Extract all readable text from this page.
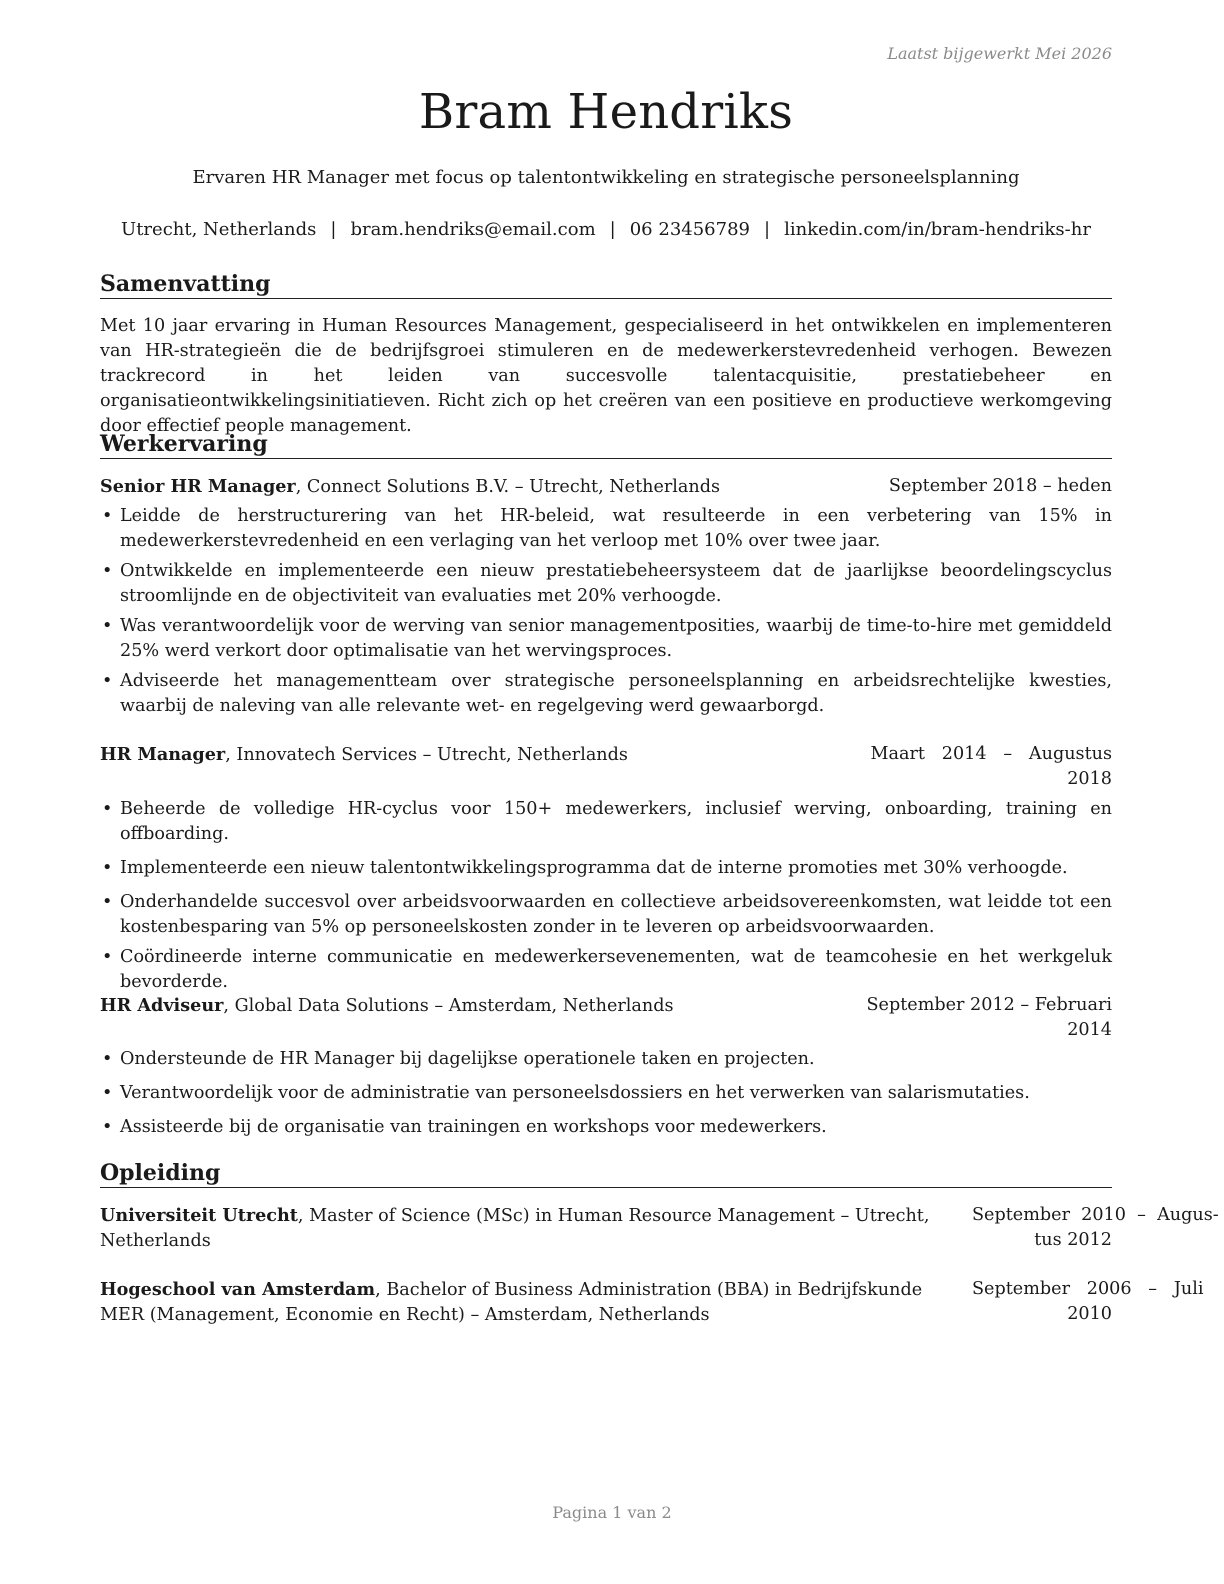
Laatst bijgewerkt Mei 2026
Bram Hendriks
Ervaren HR Manager met focus op talentontwikkeling en strategische personeelsplanning
Utrecht, Netherlands | bram.hendriks@email.com | 06 23456789 | linkedin.com/in/bram-hendriks-hr
Samenvatting

Met 10 jaar ervaring in Human Resources Management, gespecialiseerd in het ontwikkelen en implementeren van HR-strategieën die de bedrijfsgroei stimuleren en de medewerkerstevredenheid verhogen. Bewezen trackrecord in het leiden van succesvolle talentacquisitie, prestatiebeheer en organisatieontwikkelingsinitiatieven. Richt zich op het creëren van een positieve en productieve werkomgeving door effectief people management.

Werkervaring
Senior HR Manager, Connect Solutions B.V. – Utrecht, Netherlands	September 2018 – heden
• Leidde de herstructurering van het HR-beleid, wat resulteerde in een verbetering van 15% in medewerkerstevredenheid en een verlaging van het verloop met 10% over twee jaar.
• Ontwikkelde en implementeerde een nieuw prestatiebeheersysteem dat de jaarlijkse beoordelingscyclus stroomlijnde en de objectiviteit van evaluaties met 20% verhoogde.
• Was verantwoordelijk voor de werving van senior managementposities, waarbij de time-to-hire met gemiddeld 25% werd verkort door optimalisatie van het wervingsproces.
• Adviseerde het managementteam over strategische personeelsplanning en arbeidsrechtelijke kwesties, waarbij de naleving van alle relevante wet- en regelgeving werd gewaarborgd.
HR Manager, Innovatech Services – Utrecht, Netherlands	Maart   2014   –   Augustus
2018
• Beheerde de volledige HR-cyclus voor 150+ medewerkers, inclusief werving, onboarding, training en offboarding.
• Implementeerde een nieuw talentontwikkelingsprogramma dat de interne promoties met 30% verhoogde.
• Onderhandelde succesvol over arbeidsvoorwaarden en collectieve arbeidsovereenkomsten, wat leidde tot een kostenbesparing van 5% op personeelskosten zonder in te leveren op arbeidsvoorwaarden.
• Coördineerde interne communicatie en medewerkersevenementen, wat de teamcohesie en het werkgeluk bevorderde.
HR Adviseur, Global Data Solutions – Amsterdam, Netherlands	September 2012 – Februari
2014
• Ondersteunde de HR Manager bij dagelijkse operationele taken en projecten.
• Verantwoordelijk voor de administratie van personeelsdossiers en het verwerken van salarismutaties.
• Assisteerde bij de organisatie van trainingen en workshops voor medewerkers.
Opleiding
Universiteit Utrecht, Master of Science (MSc) in Human Resource Management – Utrecht,
Netherlands
September  2010  –  Augus-
tus 2012
Hogeschool van Amsterdam, Bachelor of Business Administration (BBA) in Bedrijfskunde
MER (Management, Economie en Recht) – Amsterdam, Netherlands
September   2006   –   Juli
2010
Pagina 1 van 2
